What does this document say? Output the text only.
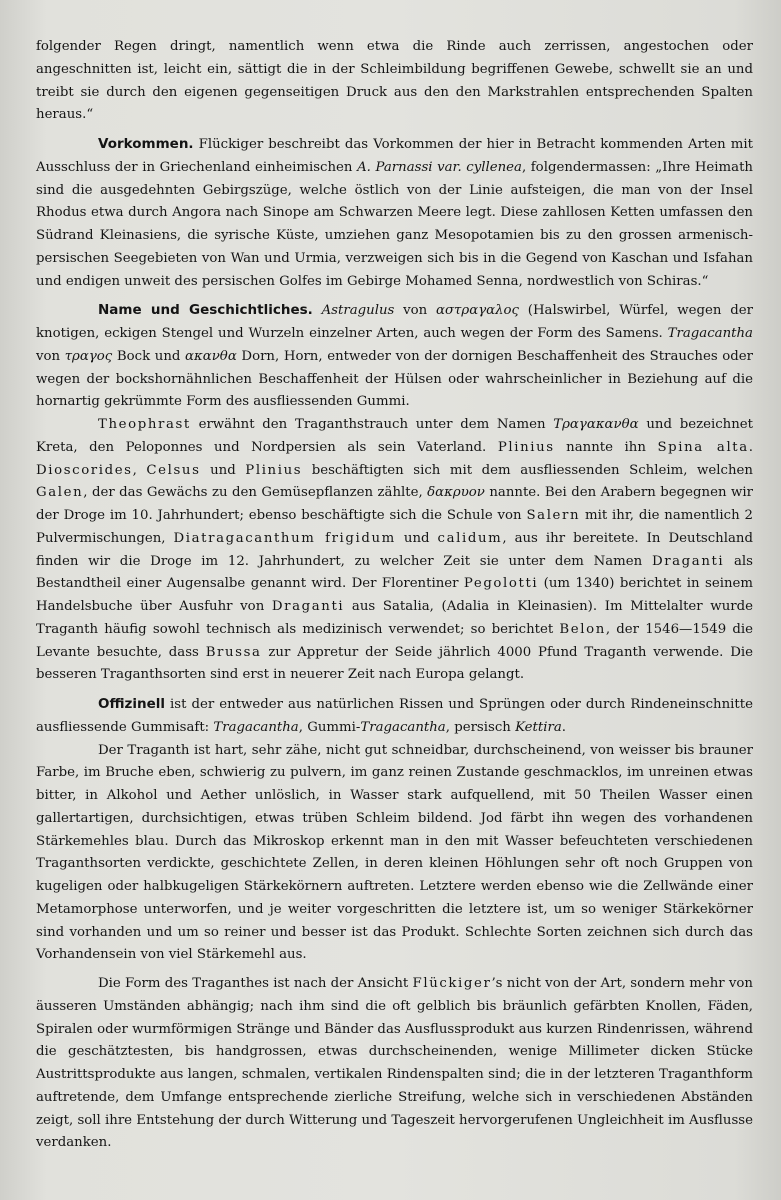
folgender Regen dringt, namentlich wenn etwa die Rinde auch zerrissen, angestochen oder angeschnitten ist, leicht ein, sättigt die in der Schleimbildung begriffenen Gewebe, schwellt sie an und treibt sie durch den eigenen gegenseitigen Druck aus den den Markstrahlen entsprechenden Spalten heraus.“

Vorkommen. Flückiger beschreibt das Vorkommen der hier in Betracht kommenden Arten mit Ausschluss der in Griechenland einheimischen A. Parnassi var. cyllenea, folgendermassen: „Ihre Heimath sind die ausgedehnten Gebirgszüge, welche östlich von der Linie aufsteigen, die man von der Insel Rhodus etwa durch Angora nach Sinope am Schwarzen Meere legt. Diese zahllosen Ketten umfassen den Südrand Kleinasiens, die syrische Küste, umziehen ganz Mesopotamien bis zu den grossen armenisch-persischen Seegebieten von Wan und Urmia, verzweigen sich bis in die Gegend von Kaschan und Isfahan und endigen unweit des persischen Golfes im Gebirge Mohamed Senna, nordwestlich von Schiras.“

Name und Geschichtliches. Astragulus von αστραγαλος (Halswirbel, Würfel, wegen der knotigen, eckigen Stengel und Wurzeln einzelner Arten, auch wegen der Form des Samens. Tragacantha von τραγος Bock und ακανθα Dorn, Horn, entweder von der dornigen Beschaffenheit des Strauches oder wegen der bockshornähnlichen Beschaffenheit der Hülsen oder wahrscheinlicher in Beziehung auf die hornartig gekrümmte Form des ausfliessenden Gummi.

Theophrast erwähnt den Traganthstrauch unter dem Namen Τραγακανθα und bezeichnet Kreta, den Peloponnes und Nordpersien als sein Vaterland. Plinius nannte ihn Spina alta. Dioscorides, Celsus und Plinius beschäftigten sich mit dem ausfliessenden Schleim, welchen Galen, der das Gewächs zu den Gemüsepflanzen zählte, δακρυον nannte. Bei den Arabern begegnen wir der Droge im 10. Jahrhundert; ebenso beschäftigte sich die Schule von Salern mit ihr, die namentlich 2 Pulvermischungen, Diatragacanthum frigidum und calidum, aus ihr bereitete. In Deutschland finden wir die Droge im 12. Jahrhundert, zu welcher Zeit sie unter dem Namen Draganti als Bestandtheil einer Augensalbe genannt wird. Der Florentiner Pegolotti (um 1340) berichtet in seinem Handelsbuche über Ausfuhr von Draganti aus Satalia, (Adalia in Kleinasien). Im Mittelalter wurde Traganth häufig sowohl technisch als medizinisch verwendet; so berichtet Belon, der 1546—1549 die Levante besuchte, dass Brussa zur Appretur der Seide jährlich 4000 Pfund Traganth verwende. Die besseren Traganthsorten sind erst in neuerer Zeit nach Europa gelangt.

Offizinell ist der entweder aus natürlichen Rissen und Sprüngen oder durch Rindeneinschnitte ausfliessende Gummisaft: Tragacantha, Gummi-Tragacantha, persisch Kettira.

Der Traganth ist hart, sehr zähe, nicht gut schneidbar, durchscheinend, von weisser bis brauner Farbe, im Bruche eben, schwierig zu pulvern, im ganz reinen Zustande geschmacklos, im unreinen etwas bitter, in Alkohol und Aether unlöslich, in Wasser stark aufquellend, mit 50 Theilen Wasser einen gallertartigen, durchsichtigen, etwas trüben Schleim bildend. Jod färbt ihn wegen des vorhandenen Stärkemehles blau. Durch das Mikroskop erkennt man in den mit Wasser befeuchteten verschiedenen Traganthsorten verdickte, geschichtete Zellen, in deren kleinen Höhlungen sehr oft noch Gruppen von kugeligen oder halbkugeligen Stärkekörnern auftreten. Letztere werden ebenso wie die Zellwände einer Metamorphose unterworfen, und je weiter vorgeschritten die letztere ist, um so weniger Stärkekörner sind vorhanden und um so reiner und besser ist das Produkt. Schlechte Sorten zeichnen sich durch das Vorhandensein von viel Stärkemehl aus.

Die Form des Traganthes ist nach der Ansicht Flückiger’s nicht von der Art, sondern mehr von äusseren Umständen abhängig; nach ihm sind die oft gelblich bis bräunlich gefärbten Knollen, Fäden, Spiralen oder wurmförmigen Stränge und Bänder das Ausflussprodukt aus kurzen Rindenrissen, während die geschätztesten, bis handgrossen, etwas durchscheinenden, wenige Millimeter dicken Stücke Austrittsprodukte aus langen, schmalen, vertikalen Rindenspalten sind; die in der letzteren Traganthform auftretende, dem Umfange entsprechende zierliche Streifung, welche sich in verschiedenen Abständen zeigt, soll ihre Entstehung der durch Witterung und Tageszeit hervorgerufenen Ungleichheit im Ausflusse verdanken.
